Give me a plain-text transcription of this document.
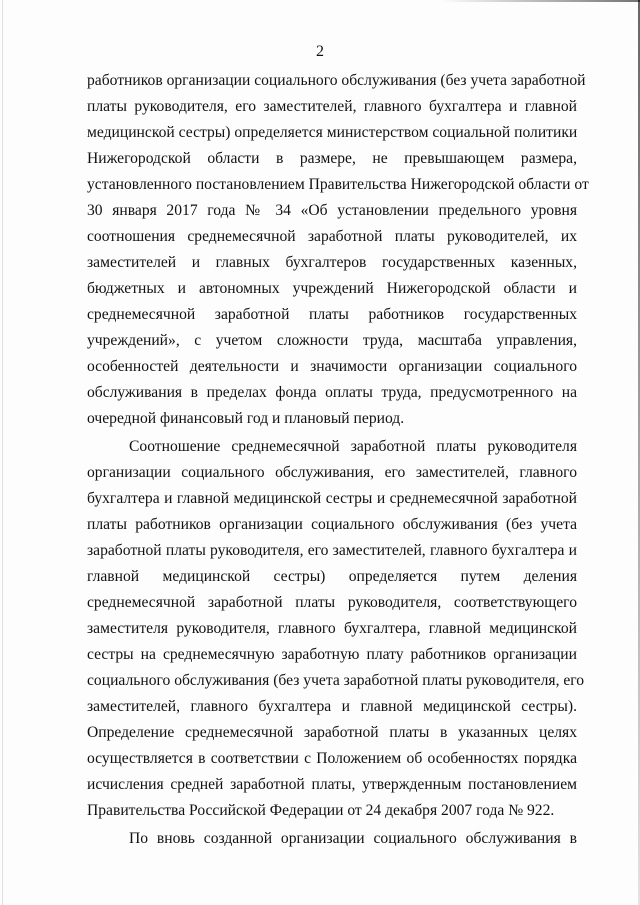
2
работников организации социального обслуживания (без учета заработной
платы руководителя, его заместителей, главного бухгалтера и главной
медицинской сестры) определяется министерством социальной политики
Нижегородской области в размере, не превышающем размера,
установленного постановлением Правительства Нижегородской области от
30 января 2017 года № 34 «Об установлении предельного уровня
соотношения среднемесячной заработной платы руководителей, их
заместителей и главных бухгалтеров государственных казенных,
бюджетных и автономных учреждений Нижегородской области и
среднемесячной заработной платы работников государственных
учреждений», с учетом сложности труда, масштаба управления,
особенностей деятельности и значимости организации социального
обслуживания в пределах фонда оплаты труда, предусмотренного на
очередной финансовый год и плановый период.
Соотношение среднемесячной заработной платы руководителя
организации социального обслуживания, его заместителей, главного
бухгалтера и главной медицинской сестры и среднемесячной заработной
платы работников организации социального обслуживания (без учета
заработной платы руководителя, его заместителей, главного бухгалтера и
главной медицинской сестры) определяется путем деления
среднемесячной заработной платы руководителя, соответствующего
заместителя руководителя, главного бухгалтера, главной медицинской
сестры на среднемесячную заработную плату работников организации
социального обслуживания (без учета заработной платы руководителя, его
заместителей, главного бухгалтера и главной медицинской сестры).
Определение среднемесячной заработной платы в указанных целях
осуществляется в соответствии с Положением об особенностях порядка
исчисления средней заработной платы, утвержденным постановлением
Правительства Российской Федерации от 24 декабря 2007 года № 922.
По вновь созданной организации социального обслуживания в
